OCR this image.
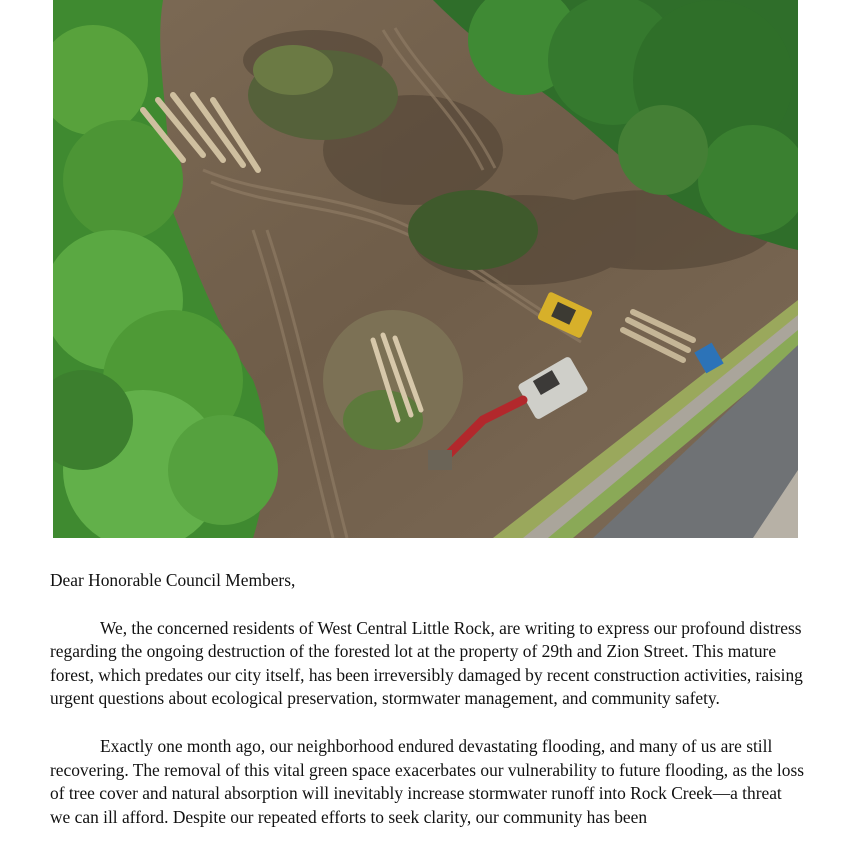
Dear Honorable Council Members,

We, the concerned residents of West Central Little Rock, are writing to express our profound distress regarding the ongoing destruction of the forested lot at the property of 29th and Zion Street. This mature forest, which predates our city itself, has been irreversibly damaged by recent construction activities, raising urgent questions about ecological preservation, stormwater management, and community safety.

Exactly one month ago, our neighborhood endured devastating flooding, and many of us are still recovering. The removal of this vital green space exacerbates our vulnerability to future flooding, as the loss of tree cover and natural absorption will inevitably increase stormwater runoff into Rock Creek—a threat we can ill afford. Despite our repeated efforts to seek clarity, our community has been
